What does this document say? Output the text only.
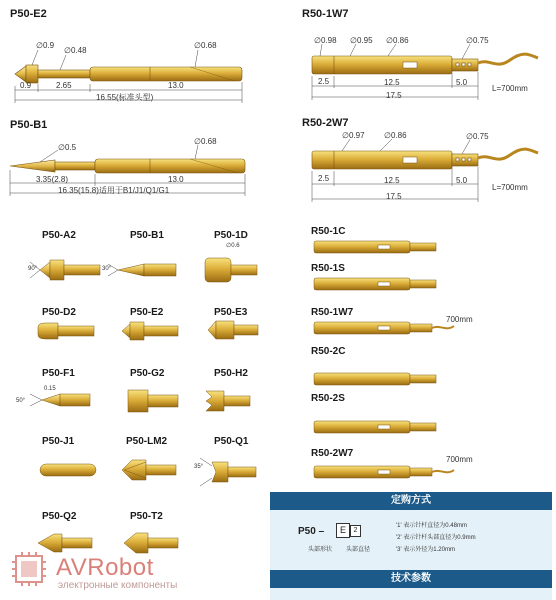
P50-E2
∅0.9
∅0.48
∅0.68
0.9	2.65	13.0
16.55(标准头型)
P50-B1
∅0.5
∅0.68
3.35(2.8)	13.0
16.35(15.8)适用于B1/J1/Q1/G1
R50-1W7
∅0.98 ∅0.95 ∅0.86	∅0.75
2.5	12.5	5.0
17.5
L=700mm
R50-2W7
∅0.97 ∅0.86	∅0.75
2.5	12.5	5.0
17.5
L=700mm
P50-A2	P50-B1	P50-1D
∅0.6
90°	30°
P50-D2	P50-E2	P50-E3
P50-F1
0.15
50°
P50-G2	P50-H2
P50-J1	P50-LM2	P50-Q1
35°
P50-Q2	P50-T2
R50-1C
R50-1S
R50-1W7
700mm
R50-2C
R50-2S
R50-2W7
700mm
定购方式
P50 –	E	2
头部形状 头部直径
'1' 表示针杆直径为0.48mm
'2' 表示针杆头部直径为0.9mm
'3' 表示外径为1.20mm
技术参数
AVRobot
электронные компоненты
